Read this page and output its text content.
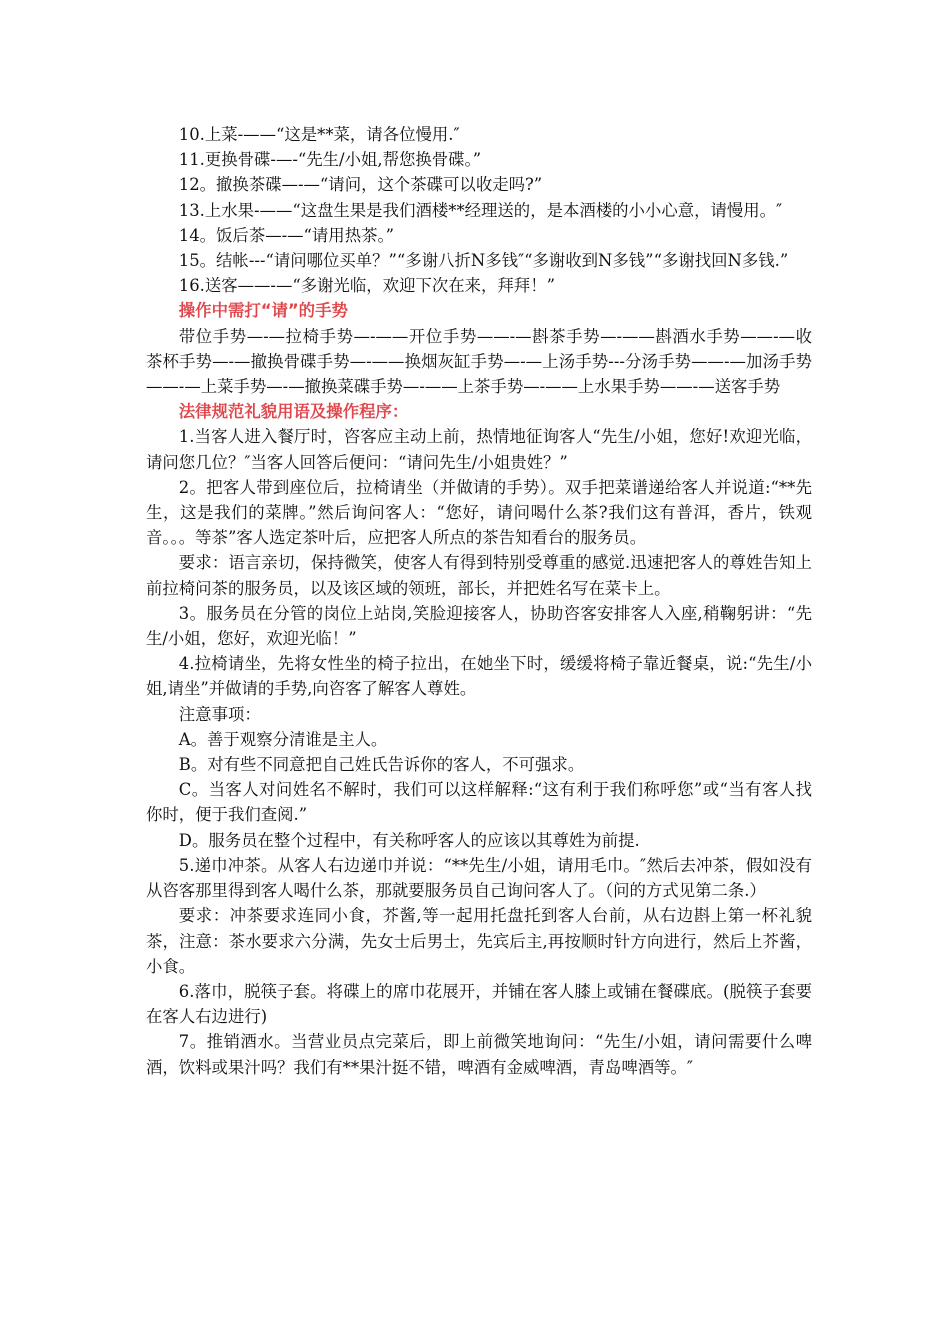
10.上菜-——“这是**菜，请各位慢用.″

11.更换骨碟-—-“先生/小姐,帮您换骨碟。”

12。撤换茶碟—-—“请问，这个茶碟可以收走吗?”

13.上水果-——“这盘生果是我们酒楼**经理送的，是本酒楼的小小心意，请慢用。″

14。饭后茶—-—“请用热茶。”

15。结帐---“请问哪位买单？”“多谢八折N多钱″“多谢收到N多钱”“多谢找回N多钱.”

16.送客——-—“多谢光临，欢迎下次在来，拜拜！”

操作中需打“请”的手势

带位手势—-—拉椅手势—-——开位手势——-—斟茶手势—-——斟酒水手势——-—收茶杯手势—-—撤换骨碟手势—-——换烟灰缸手势—-—上汤手势---分汤手势——-—加汤手势——-—上菜手势—-—撤换菜碟手势—-——上茶手势—-——上水果手势——-—送客手势

法律规范礼貌用语及操作程序：

1.当客人进入餐厅时，咨客应主动上前，热情地征询客人“先生/小姐，您好!欢迎光临，请问您几位？″当客人回答后便问：“请问先生/小姐贵姓？”

2。把客人带到座位后，拉椅请坐（并做请的手势）。双手把菜谱递给客人并说道:“**先生，这是我们的菜牌。”然后询问客人：“您好，请问喝什么茶?我们这有普洱，香片，铁观音。。。等茶”客人选定茶叶后，应把客人所点的茶告知看台的服务员。

要求：语言亲切，保持微笑，使客人有得到特别受尊重的感觉.迅速把客人的尊姓告知上前拉椅问茶的服务员，以及该区域的领班，部长，并把姓名写在菜卡上。

3。服务员在分管的岗位上站岗,笑脸迎接客人，协助咨客安排客人入座,稍鞠躬讲：“先生/小姐，您好，欢迎光临！”

4.拉椅请坐，先将女性坐的椅子拉出，在她坐下时，缓缓将椅子靠近餐桌，说:“先生/小姐,请坐”并做请的手势,向咨客了解客人尊姓。

注意事项：

A。善于观察分清谁是主人。

B。对有些不同意把自己姓氏告诉你的客人，不可强求。

C。当客人对问姓名不解时，我们可以这样解释:“这有利于我们称呼您”或“当有客人找你时，便于我们查阅.”

D。服务员在整个过程中，有关称呼客人的应该以其尊姓为前提.

5.递巾冲茶。从客人右边递巾并说：“**先生/小姐，请用毛巾。″然后去冲茶，假如没有从咨客那里得到客人喝什么茶，那就要服务员自己询问客人了。（问的方式见第二条.）

要求：冲茶要求连同小食，芥酱,等一起用托盘托到客人台前，从右边斟上第一杯礼貌茶，注意：茶水要求六分满，先女士后男士，先宾后主,再按顺时针方向进行，然后上芥酱，小食。

6.落巾，脱筷子套。将碟上的席巾花展开，并铺在客人膝上或铺在餐碟底。(脱筷子套要在客人右边进行)

7。推销酒水。当营业员点完菜后，即上前微笑地询问：“先生/小姐，请问需要什么啤酒，饮料或果汁吗？我们有**果汁挺不错，啤酒有金威啤酒，青岛啤酒等。″
